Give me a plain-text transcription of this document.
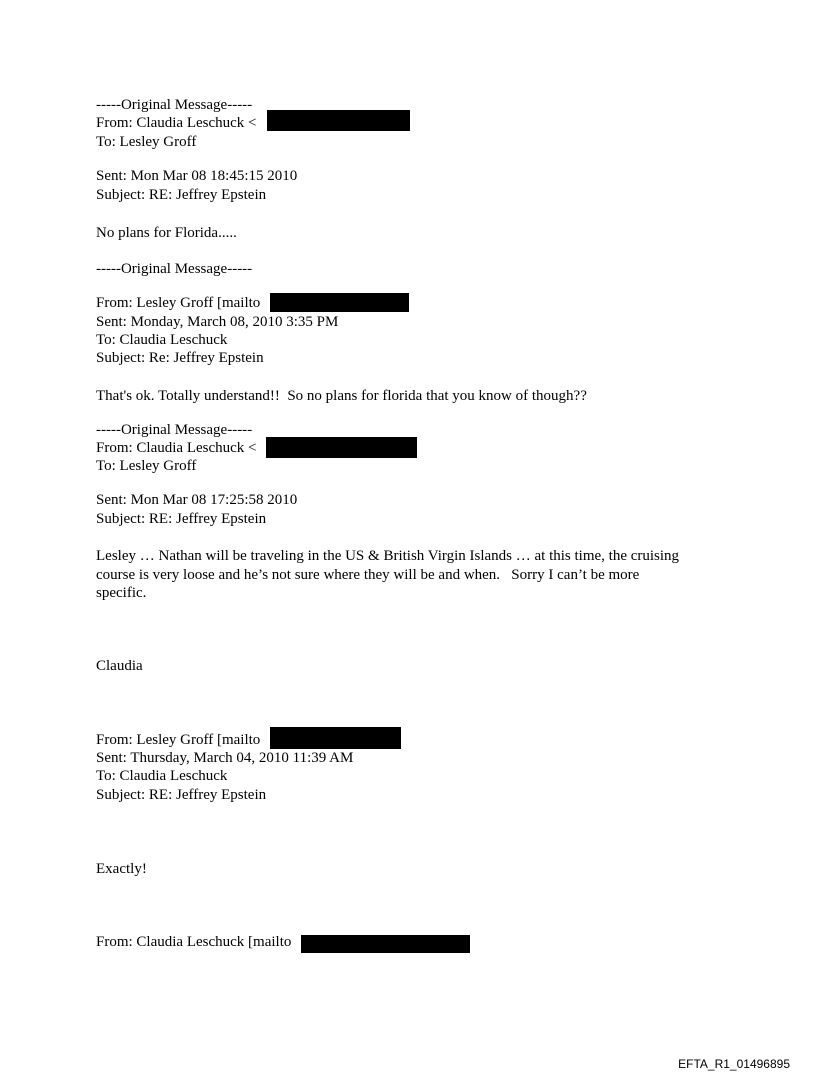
-----Original Message-----
From: Claudia Leschuck <
To: Lesley Groff
Sent: Mon Mar 08 18:45:15 2010
Subject: RE: Jeffrey Epstein
No plans for Florida.....
-----Original Message-----
From: Lesley Groff [mailto
Sent: Monday, March 08, 2010 3:35 PM
To: Claudia Leschuck
Subject: Re: Jeffrey Epstein
That's ok. Totally understand!!  So no plans for florida that you know of though??
-----Original Message-----
From: Claudia Leschuck <
To: Lesley Groff
Sent: Mon Mar 08 17:25:58 2010
Subject: RE: Jeffrey Epstein
Lesley … Nathan will be traveling in the US & British Virgin Islands … at this time, the cruising
course is very loose and he’s not sure where they will be and when.   Sorry I can’t be more
specific.
Claudia
From: Lesley Groff [mailto
Sent: Thursday, March 04, 2010 11:39 AM
To: Claudia Leschuck
Subject: RE: Jeffrey Epstein
Exactly!
From: Claudia Leschuck [mailto
EFTA_R1_01496895
